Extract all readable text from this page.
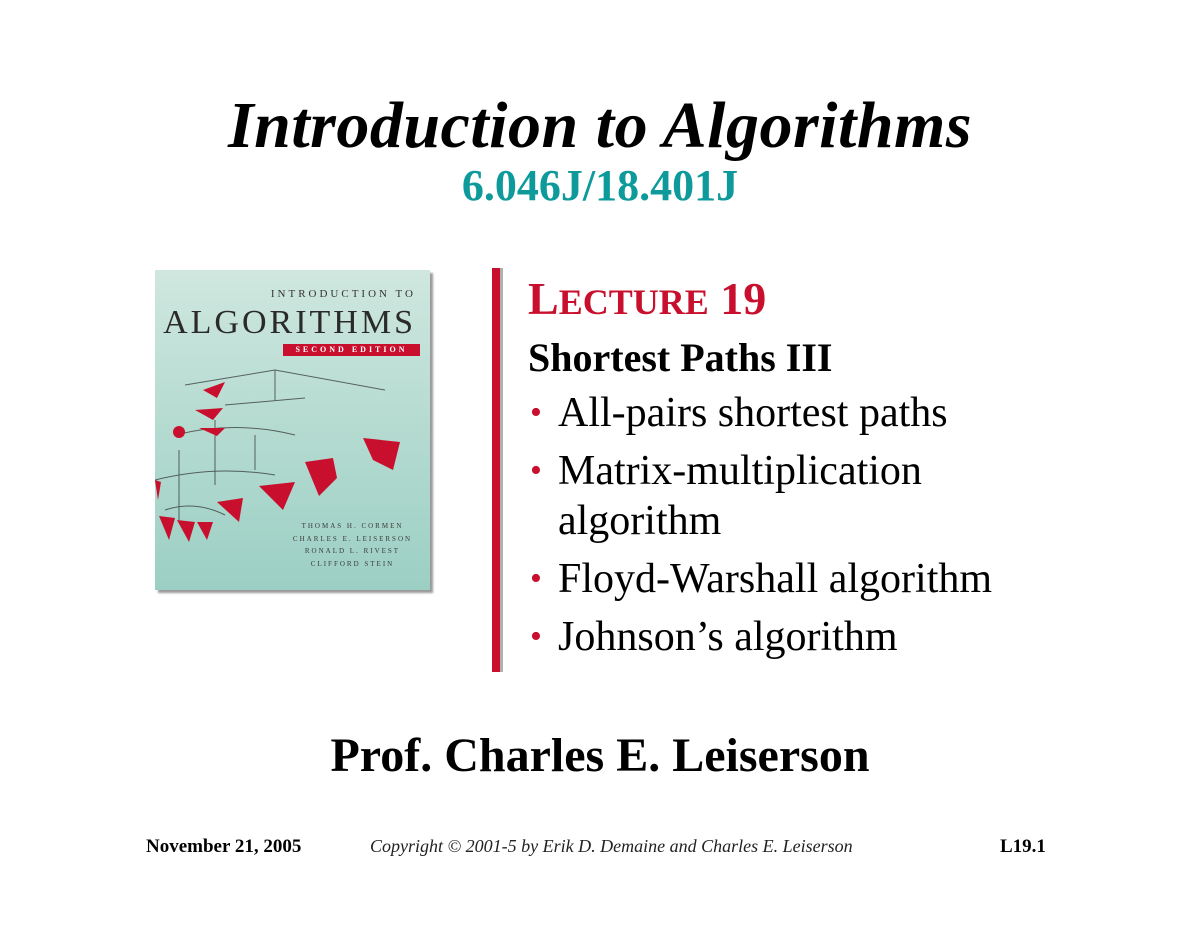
Introduction to Algorithms
6.046J/18.401J
INTRODUCTION TO
ALGORITHMS
SECOND EDITION
THOMAS H. CORMEN
CHARLES E. LEISERSON
RONALD L. RIVEST
CLIFFORD STEIN
LECTURE 19
Shortest Paths III
• All-pairs shortest paths
• Matrix-multiplication algorithm
• Floyd-Warshall algorithm
• Johnson’s algorithm
Prof. Charles E. Leiserson
November 21, 2005	Copyright © 2001-5 by Erik D. Demaine and Charles E. Leiserson	L19.1
